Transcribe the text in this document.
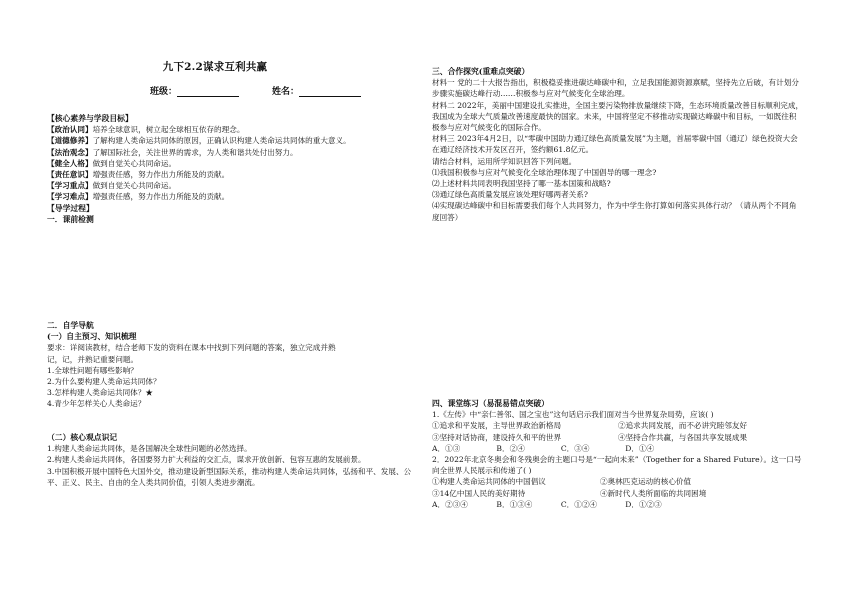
九下2.2谋求互利共赢
班级：	姓名：

【核心素养与学段目标】

【政治认同】培养全球意识，树立起全球相互依存的理念。

【道德修养】了解构建人类命运共同体的原因，正确认识构建人类命运共同体的重大意义。

【法治观念】了解国际社会，关注世界的需求，为人类和谐共处付出努力。

【健全人格】做到自觉关心共同命运。

【责任意识】增强责任感，努力作出力所能及的贡献。

【学习重点】做到自觉关心共同命运。

【学习难点】增强责任感，努力作出力所能及的贡献。

【导学过程】

一．课前检测

二．自学导航

(一）自主预习、知识梳理

要求：详阅读教材，结合老师下发的资料在课本中找到下列问题的答案，独立完成并熟

记，记，并熟记重要问题。

1.全球性问题有哪些影响？

2.为什么要构建人类命运共同体？

3.怎样构建人类命运共同体？★

4.青少年怎样关心人类命运？

（二）核心观点识记

1.构建人类命运共同体，是各国解决全球性问题的必然选择。

2.构建人类命运共同体，各国要努力扩大利益的交汇点，谋求开放创新、包容互惠的发展前景。

3.中国积极开展中国特色大国外交，推动建设新型国际关系，推动构建人类命运共同体，弘扬和平、发展、公平、正义、民主、自由的全人类共同价值，引领人类进步潮流。

三、合作探究(重难点突破）

材料一 党的二十大报告指出，积极稳妥推进碳达峰碳中和，立足我国能源资源禀赋，坚持先立后破，有计划分步骤实施碳达峰行动……积极参与应对气候变化全球治理。

材料二 2022年，美丽中国建设扎实推进，全国主要污染物排放量继续下降，生态环境质量改善目标顺利完成，我国成为全球大气质量改善速度最快的国家。未来，中国将坚定不移推动实现碳达峰碳中和目标，一如既往积极参与应对气候变化的国际合作。

材料三 2023年4月2日，以“零碳中国助力通辽绿色高质量发展”为主题，首届零碳中国（通辽）绿色投资大会在通辽经济技术开发区召开，签约额61.8亿元。

请结合材料，运用所学知识回答下列问题。

⑴我国积极参与应对气候变化全球治理体现了中国倡导的哪一理念?

⑵上述材料共同表明我国坚持了哪一基本国策和战略?

⑶通辽绿色高质量发展应该处理好哪两者关系?

⑷实现碳达峰碳中和目标需要我们每个人共同努力，作为中学生你打算如何落实具体行动？（请从两个不同角度回答）

四、课堂练习（易混易错点突破）

1.《左传》中“亲仁善邻、国之宝也”这句话启示我们面对当今世界复杂局势，应该( )

①追求和平发展，主导世界政治新格局	②追求共同发展，而不必讲究睦邻友好

③坚持对话协商，建设持久和平的世界	④坚持合作共赢，与各国共享发展成果

A．①③	B．②④	C．③④	D．①④

2．2022年北京冬奥会和冬残奥会的主题口号是“一起向未来”（Together for a Shared Future）。这一口号向全世界人民展示和传递了( )

①构建人类命运共同体的中国倡议	②奥林匹克运动的核心价值

③14亿中国人民的美好期待	④新时代人类所面临的共同困境

A．②③④	B．①③④	C．①②④	D．①②③
